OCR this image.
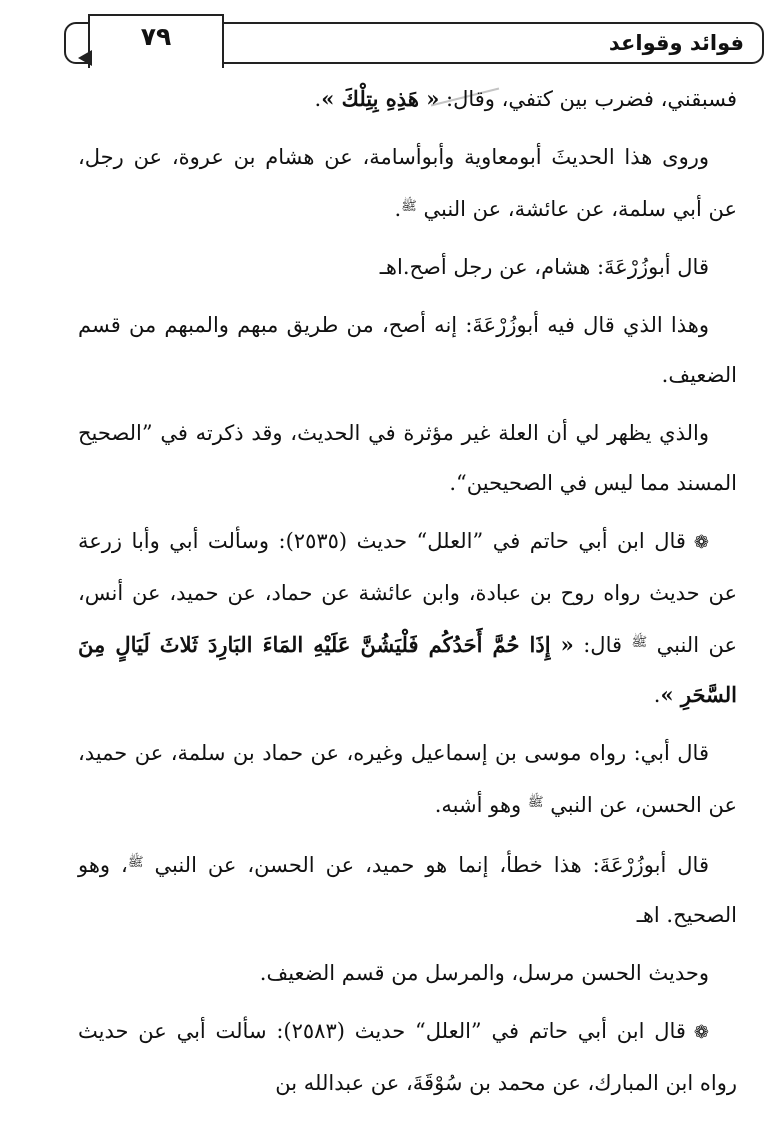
فوائد وقواعد
٧٩

فسبقني، فضرب بين كتفي، وقال: « هَذِهِ بِتِلْكَ ».

وروى هذا الحديثَ أبومعاوية وأبوأسامة، عن هشام بن عروة، عن رجل، عن أبي سلمة، عن عائشة، عن النبي $^ﷺ$.

قال أبوزُرْعَةَ: هشام، عن رجل أصح.اهـ

وهذا الذي قال فيه أبوزُرْعَةَ: إنه أصح، من طريق مبهم والمبهم من قسم الضعيف.

والذي يظهر لي أن العلة غير مؤثرة في الحديث، وقد ذكرته في ”الصحيح المسند مما ليس في الصحيحين“.

❁قال ابن أبي حاتم في ”العلل“ حديث (٢٥٣٥): وسألت أبي وأبا زرعة عن حديث رواه روح بن عبادة، وابن عائشة عن حماد، عن حميد، عن أنس، عن النبي $^ﷺ$ قال: « إِذَا حُمَّ أَحَدُكُم فَلْيَشُنَّ عَلَيْهِ المَاءَ البَارِدَ ثَلاثَ لَيَالٍ مِنَ السَّحَرِ ».

قال أبي: رواه موسى بن إسماعيل وغيره، عن حماد بن سلمة، عن حميد، عن الحسن، عن النبي $^ﷺ$ وهو أشبه.

قال أبوزُرْعَةَ: هذا خطأ، إنما هو حميد، عن الحسن، عن النبي $^ﷺ$، وهو الصحيح. اهـ

وحديث الحسن مرسل، والمرسل من قسم الضعيف.

❁قال ابن أبي حاتم في ”العلل“ حديث (٢٥٨٣): سألت أبي عن حديث رواه ابن المبارك، عن محمد بن سُوْقَةَ، عن عبدالله بن
